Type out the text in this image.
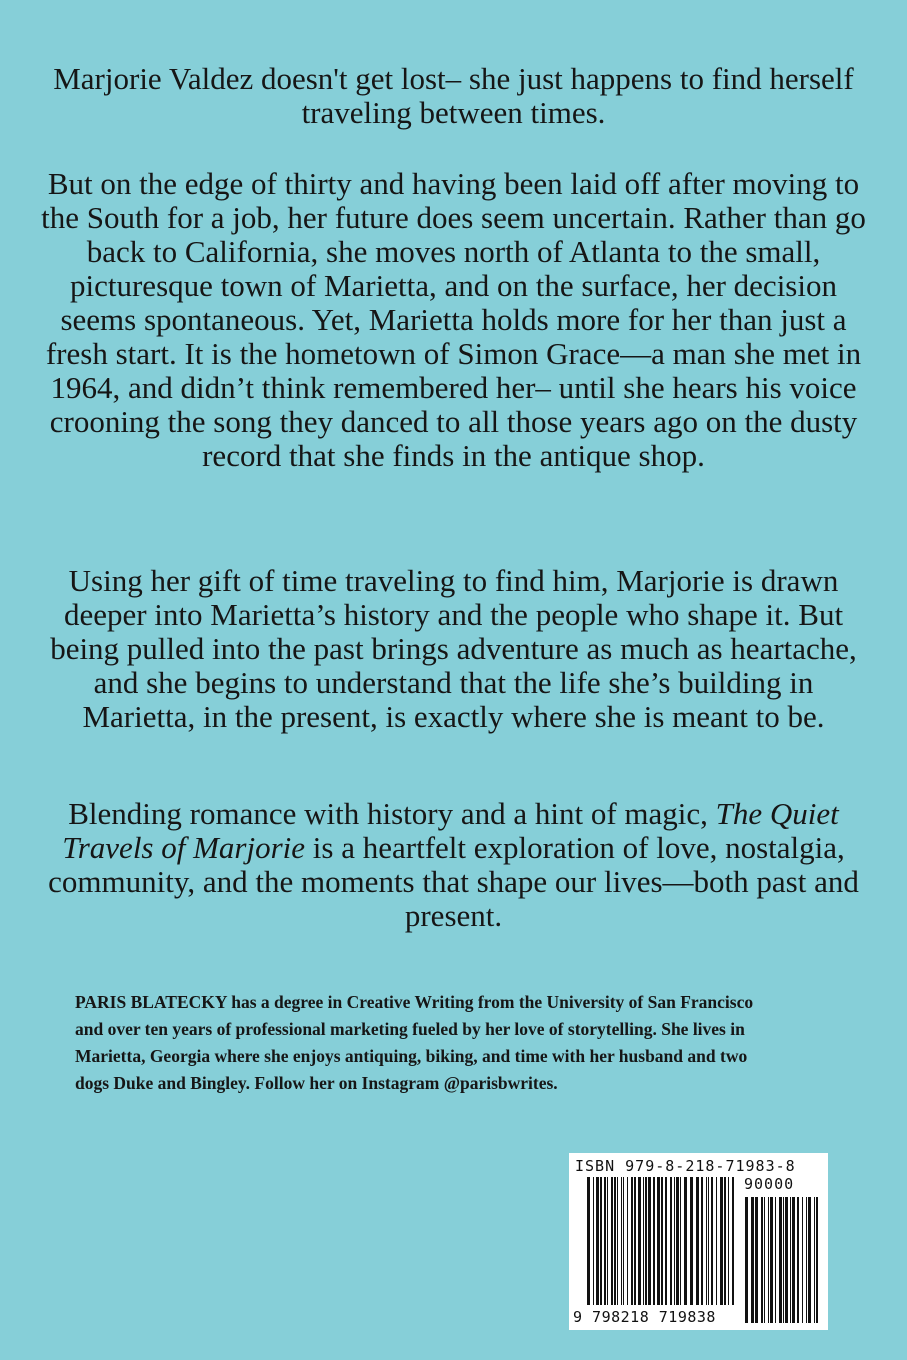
Marjorie Valdez doesn't get lost– she just happens to find herself traveling between times.

But on the edge of thirty and having been laid off after moving to the South for a job, her future does seem uncertain. Rather than go back to California, she moves north of Atlanta to the small, picturesque town of Marietta, and on the surface, her decision seems spontaneous. Yet, Marietta holds more for her than just a fresh start. It is the hometown of Simon Grace—a man she met in 1964, and didn’t think remembered her– until she hears his voice crooning the song they danced to all those years ago on the dusty record that she finds in the antique shop.

Using her gift of time traveling to find him, Marjorie is drawn deeper into Marietta’s history and the people who shape it. But being pulled into the past brings adventure as much as heartache, and she begins to understand that the life she’s building in Marietta, in the present, is exactly where she is meant to be.

Blending romance with history and a hint of magic, The Quiet Travels of Marjorie is a heartfelt exploration of love, nostalgia, community, and the moments that shape our lives—both past and present.

PARIS BLATECKY has a degree in Creative Writing from the University of San Francisco and over ten years of professional marketing fueled by her love of storytelling. She lives in Marietta, Georgia where she enjoys antiquing, biking, and time with her husband and two dogs Duke and Bingley. Follow her on Instagram @parisbwrites.

ISBN 979-8-218-71983-8
90000
9 798218 719838
